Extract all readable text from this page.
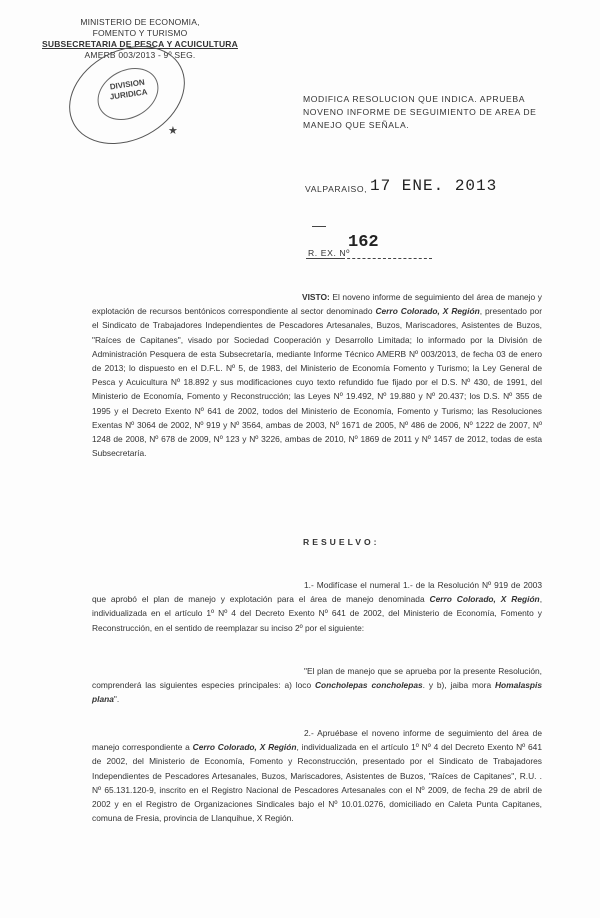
MINISTERIO DE ECONOMIA,
FOMENTO Y TURISMO
SUBSECRETARIA DE PESCA Y ACUICULTURA
AMERB 003/2013 - 9º SEG.
DIVISION
JURIDICA
★
MODIFICA RESOLUCION QUE INDICA. APRUEBA
NOVENO INFORME DE SEGUIMIENTO DE AREA DE
MANEJO QUE SEÑALA.
VALPARAISO, 17 ENE. 2013
162
R. EX. Nº
VISTO: El noveno informe de seguimiento del área de manejo y explotación de recursos bentónicos correspondiente al sector denominado Cerro Colorado, X Región, presentado por el Sindicato de Trabajadores Independientes de Pescadores Artesanales, Buzos, Mariscadores, Asistentes de Buzos, "Raíces de Capitanes", visado por Sociedad Cooperación y Desarrollo Limitada; lo informado por la División de Administración Pesquera de esta Subsecretaría, mediante Informe Técnico AMERB Nº 003/2013, de fecha 03 de enero de 2013; lo dispuesto en el D.F.L. Nº 5, de 1983, del Ministerio de Economía Fomento y Turismo; la Ley General de Pesca y Acuicultura Nº 18.892 y sus modificaciones cuyo texto refundido fue fijado por el D.S. Nº 430, de 1991, del Ministerio de Economía, Fomento y Reconstrucción; las Leyes Nº 19.492, Nº 19.880 y Nº 20.437; los D.S. Nº 355 de 1995 y el Decreto Exento Nº 641 de 2002, todos del Ministerio de Economía, Fomento y Turismo; las Resoluciones Exentas Nº 3064 de 2002, Nº 919 y Nº 3564, ambas de 2003, Nº 1671 de 2005, Nº 486 de 2006, Nº 1222 de 2007, Nº 1248 de 2008, Nº 678 de 2009, Nº 123 y Nº 3226, ambas de 2010, Nº 1869 de 2011 y Nº 1457 de 2012, todas de esta Subsecretaría.
RESUELVO:
1.- Modifícase el numeral 1.- de la Resolución Nº 919 de 2003 que aprobó el plan de manejo y explotación para el área de manejo denominada Cerro Colorado, X Región, individualizada en el artículo 1º Nº 4 del Decreto Exento Nº 641 de 2002, del Ministerio de Economía, Fomento y Reconstrucción, en el sentido de reemplazar su inciso 2º por el siguiente:
"El plan de manejo que se aprueba por la presente Resolución, comprenderá las siguientes especies principales: a) loco Concholepas concholepas. y b), jaiba mora Homalaspis plana".
2.- Apruébase el noveno informe de seguimiento del área de manejo correspondiente a Cerro Colorado, X Región, individualizada en el artículo 1º Nº 4 del Decreto Exento Nº 641 de 2002, del Ministerio de Economía, Fomento y Reconstrucción, presentado por el Sindicato de Trabajadores Independientes de Pescadores Artesanales, Buzos, Mariscadores, Asistentes de Buzos, "Raíces de Capitanes", R.U. . Nº 65.131.120-9, inscrito en el Registro Nacional de Pescadores Artesanales con el Nº 2009, de fecha 29 de abril de 2002 y en el Registro de Organizaciones Sindicales bajo el Nº 10.01.0276, domiciliado en Caleta Punta Capitanes, comuna de Fresia, provincia de Llanquihue, X Región.
